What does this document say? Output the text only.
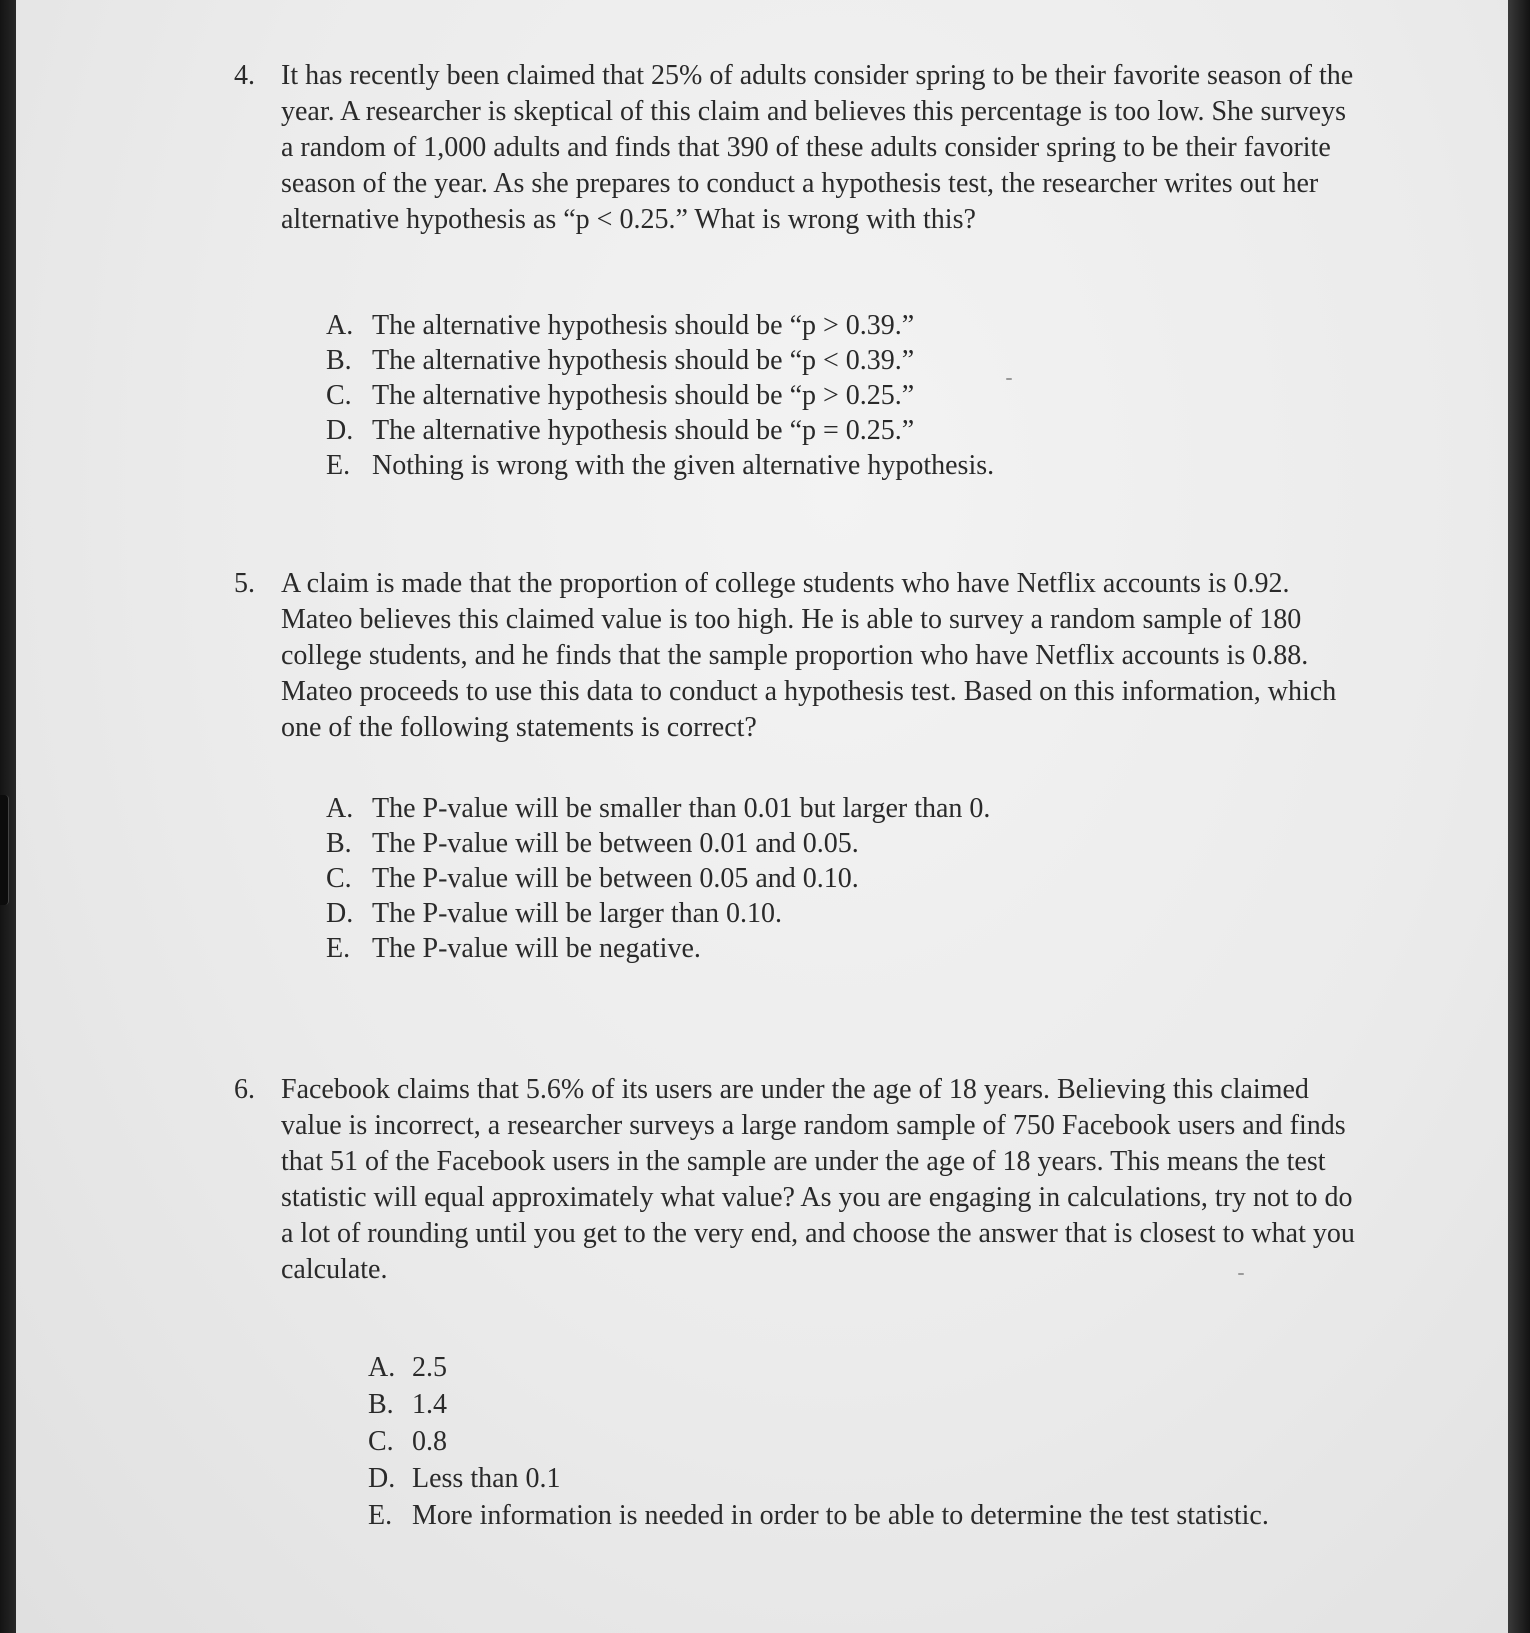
4. It has recently been claimed that 25% of adults consider spring to be their favorite season of the year. A researcher is skeptical of this claim and believes this percentage is too low. She surveys a random of 1,000 adults and finds that 390 of these adults consider spring to be their favorite season of the year. As she prepares to conduct a hypothesis test, the researcher writes out her alternative hypothesis as “p < 0.25.” What is wrong with this?
A. The alternative hypothesis should be “p > 0.39.”
B. The alternative hypothesis should be “p < 0.39.”
C. The alternative hypothesis should be “p > 0.25.”
D. The alternative hypothesis should be “p = 0.25.”
E. Nothing is wrong with the given alternative hypothesis.
5. A claim is made that the proportion of college students who have Netflix accounts is 0.92. Mateo believes this claimed value is too high. He is able to survey a random sample of 180 college students, and he finds that the sample proportion who have Netflix accounts is 0.88. Mateo proceeds to use this data to conduct a hypothesis test. Based on this information, which one of the following statements is correct?
A. The P-value will be smaller than 0.01 but larger than 0.
B. The P-value will be between 0.01 and 0.05.
C. The P-value will be between 0.05 and 0.10.
D. The P-value will be larger than 0.10.
E. The P-value will be negative.
6. Facebook claims that 5.6% of its users are under the age of 18 years. Believing this claimed value is incorrect, a researcher surveys a large random sample of 750 Facebook users and finds that 51 of the Facebook users in the sample are under the age of 18 years. This means the test statistic will equal approximately what value? As you are engaging in calculations, try not to do a lot of rounding until you get to the very end, and choose the answer that is closest to what you calculate.
A. 2.5
B. 1.4
C. 0.8
D. Less than 0.1
E. More information is needed in order to be able to determine the test statistic.
